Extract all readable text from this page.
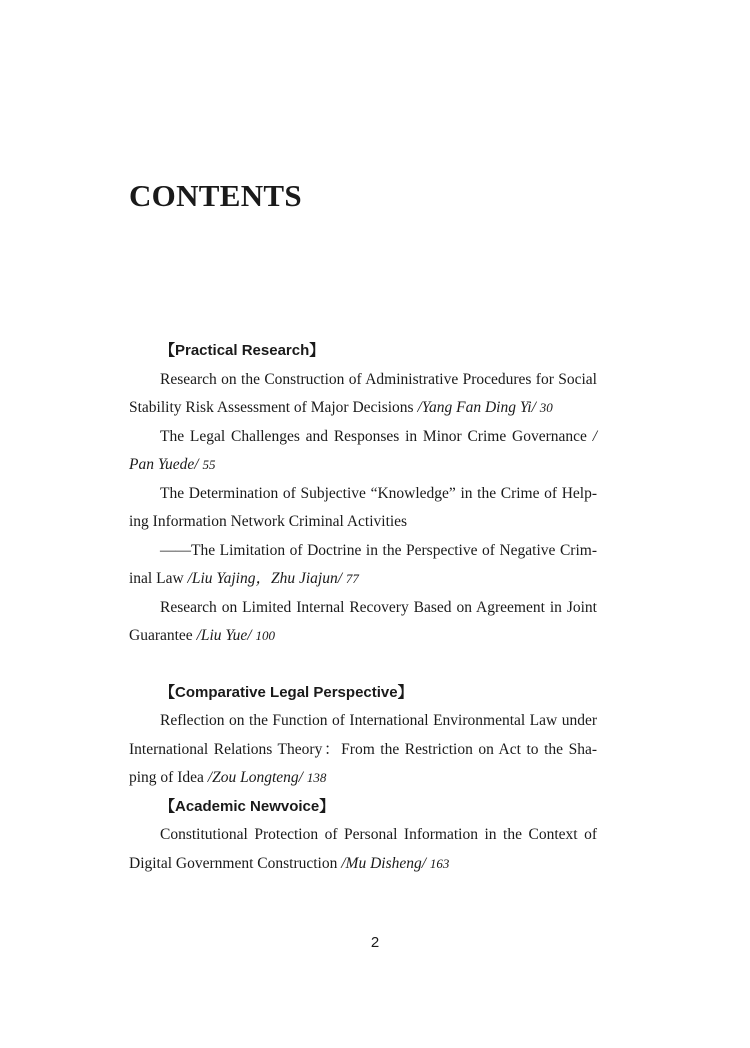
CONTENTS

【Practical Research】

Research on the Construction of Administrative Procedures for Social Stability Risk Assessment of Major Decisions /Yang Fan Ding Yi/ 30

The Legal Challenges and Responses in Minor Crime Governance / Pan Yuede/ 55

The Determination of Subjective “Knowledge” in the Crime of Help-ing Information Network Criminal Activities

——The Limitation of Doctrine in the Perspective of Negative Crim-inal Law /Liu Yajing，Zhu Jiajun/ 77

Research on Limited Internal Recovery Based on Agreement in Joint Guarantee /Liu Yue/ 100

【Comparative Legal Perspective】

Reflection on the Function of International Environmental Law under International Relations Theory：From the Restriction on Act to the Sha-ping of Idea /Zou Longteng/ 138

【Academic Newvoice】

Constitutional Protection of Personal Information in the Context of Digital Government Construction /Mu Disheng/ 163

2
